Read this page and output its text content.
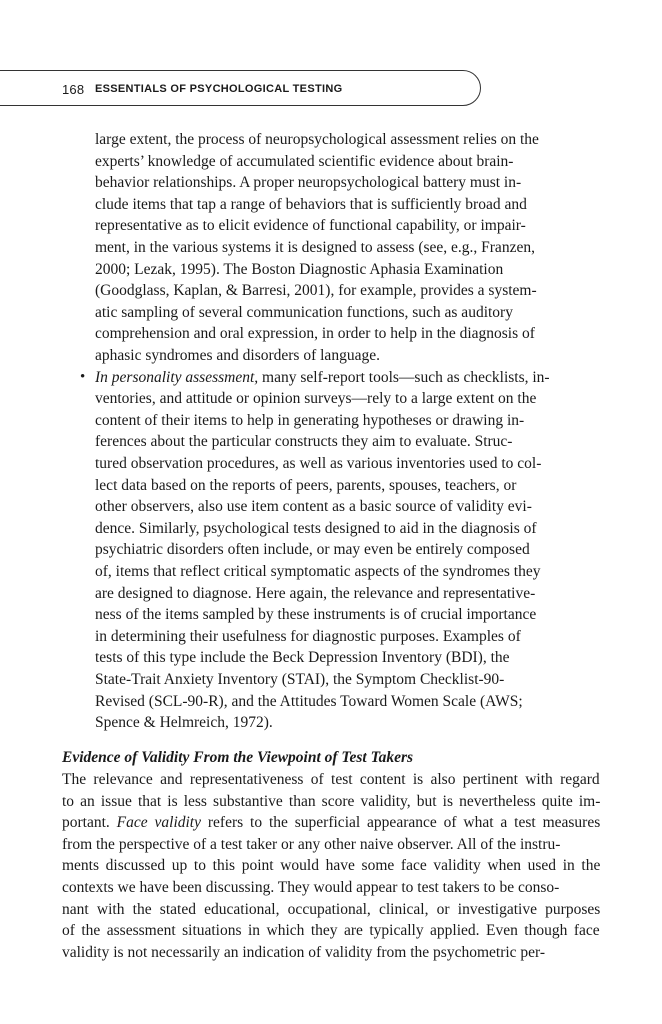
168 ESSENTIALS OF PSYCHOLOGICAL TESTING
large extent, the process of neuropsychological assessment relies on the
experts’ knowledge of accumulated scientific evidence about brain-
behavior relationships. A proper neuropsychological battery must in-
clude items that tap a range of behaviors that is sufficiently broad and
representative as to elicit evidence of functional capability, or impair-
ment, in the various systems it is designed to assess (see, e.g., Franzen,
2000; Lezak, 1995). The Boston Diagnostic Aphasia Examination
(Goodglass, Kaplan, & Barresi, 2001), for example, provides a system-
atic sampling of several communication functions, such as auditory
comprehension and oral expression, in order to help in the diagnosis of
aphasic syndromes and disorders of language.
• In personality assessment, many self-report tools—such as checklists, in-
ventories, and attitude or opinion surveys—rely to a large extent on the
content of their items to help in generating hypotheses or drawing in-
ferences about the particular constructs they aim to evaluate. Struc-
tured observation procedures, as well as various inventories used to col-
lect data based on the reports of peers, parents, spouses, teachers, or
other observers, also use item content as a basic source of validity evi-
dence. Similarly, psychological tests designed to aid in the diagnosis of
psychiatric disorders often include, or may even be entirely composed
of, items that reflect critical symptomatic aspects of the syndromes they
are designed to diagnose. Here again, the relevance and representative-
ness of the items sampled by these instruments is of crucial importance
in determining their usefulness for diagnostic purposes. Examples of
tests of this type include the Beck Depression Inventory (BDI), the
State-Trait Anxiety Inventory (STAI), the Symptom Checklist-90-
Revised (SCL-90-R), and the Attitudes Toward Women Scale (AWS;
Spence & Helmreich, 1972).
Evidence of Validity From the Viewpoint of Test Takers
The relevance and representativeness of test content is also pertinent with regard
to an issue that is less substantive than score validity, but is nevertheless quite im-
portant. Face validity refers to the superficial appearance of what a test measures
from the perspective of a test taker or any other naive observer. All of the instru-
ments discussed up to this point would have some face validity when used in the
contexts we have been discussing. They would appear to test takers to be conso-
nant with the stated educational, occupational, clinical, or investigative purposes
of the assessment situations in which they are typically applied. Even though face
validity is not necessarily an indication of validity from the psychometric per-
